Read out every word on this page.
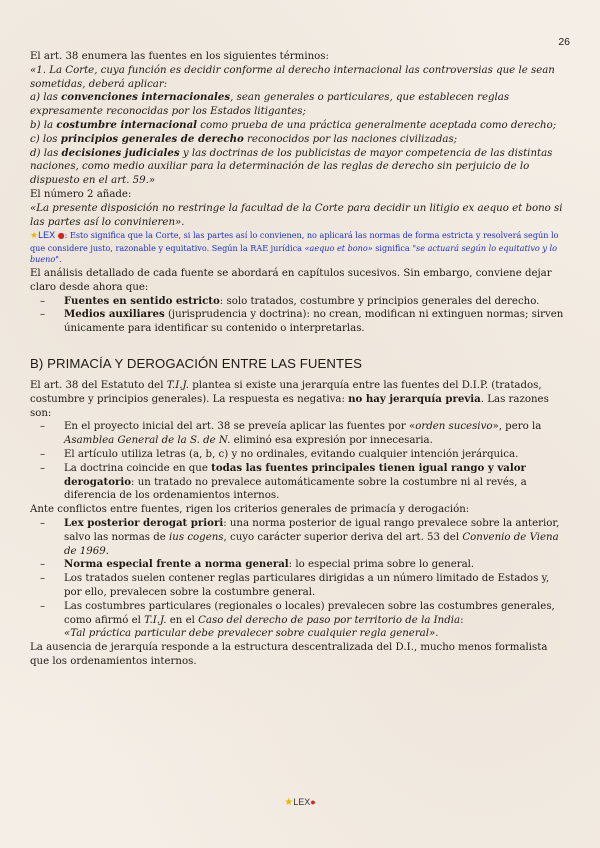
26

El art. 38 enumera las fuentes en los siguientes términos:

«1. La Corte, cuya función es decidir conforme al derecho internacional las controversias que le sean sometidas, deberá aplicar:

a) las convenciones internacionales, sean generales o particulares, que establecen reglas expresamente reconocidas por los Estados litigantes;

b) la costumbre internacional como prueba de una práctica generalmente aceptada como derecho;

c) los principios generales de derecho reconocidos por las naciones civilizadas;

d) las decisiones judiciales y las doctrinas de los publicistas de mayor competencia de las distintas naciones, como medio auxiliar para la determinación de las reglas de derecho sin perjuicio de lo dispuesto en el art. 59.»

El número 2 añade:

«La presente disposición no restringe la facultad de la Corte para decidir un litigio ex aequo et bono si las partes así lo convinieren».

★LEX ●: Esto significa que la Corte, si las partes así lo convienen, no aplicará las normas de forma estricta y resolverá según lo que considere justo, razonable y equitativo. Según la RAE jurídica «aequo et bono» significa "se actuará según lo equitativo y lo bueno".

El análisis detallado de cada fuente se abordará en capítulos sucesivos. Sin embargo, conviene dejar claro desde ahora que:

– Fuentes en sentido estricto: solo tratados, costumbre y principios generales del derecho.
– Medios auxiliares (jurisprudencia y doctrina): no crean, modifican ni extinguen normas; sirven únicamente para identificar su contenido o interpretarlas.
B) PRIMACÍA Y DEROGACIÓN ENTRE LAS FUENTES

El art. 38 del Estatuto del T.I.J. plantea si existe una jerarquía entre las fuentes del D.I.P. (tratados, costumbre y principios generales). La respuesta es negativa: no hay jerarquía previa. Las razones son:

– En el proyecto inicial del art. 38 se preveía aplicar las fuentes por «orden sucesivo», pero la Asamblea General de la S. de N. eliminó esa expresión por innecesaria.
– El artículo utiliza letras (a, b, c) y no ordinales, evitando cualquier intención jerárquica.
– La doctrina coincide en que todas las fuentes principales tienen igual rango y valor derogatorio: un tratado no prevalece automáticamente sobre la costumbre ni al revés, a diferencia de los ordenamientos internos.

Ante conflictos entre fuentes, rigen los criterios generales de primacía y derogación:

– Lex posterior derogat priori: una norma posterior de igual rango prevalece sobre la anterior, salvo las normas de ius cogens, cuyo carácter superior deriva del art. 53 del Convenio de Viena de 1969.
– Norma especial frente a norma general: lo especial prima sobre lo general.
– Los tratados suelen contener reglas particulares dirigidas a un número limitado de Estados y, por ello, prevalecen sobre la costumbre general.
– Las costumbres particulares (regionales o locales) prevalecen sobre las costumbres generales, como afirmó el T.I.J. en el Caso del derecho de paso por territorio de la India:
«Tal práctica particular debe prevalecer sobre cualquier regla general».

La ausencia de jerarquía responde a la estructura descentralizada del D.I., mucho menos formalista que los ordenamientos internos.

★LEX●
